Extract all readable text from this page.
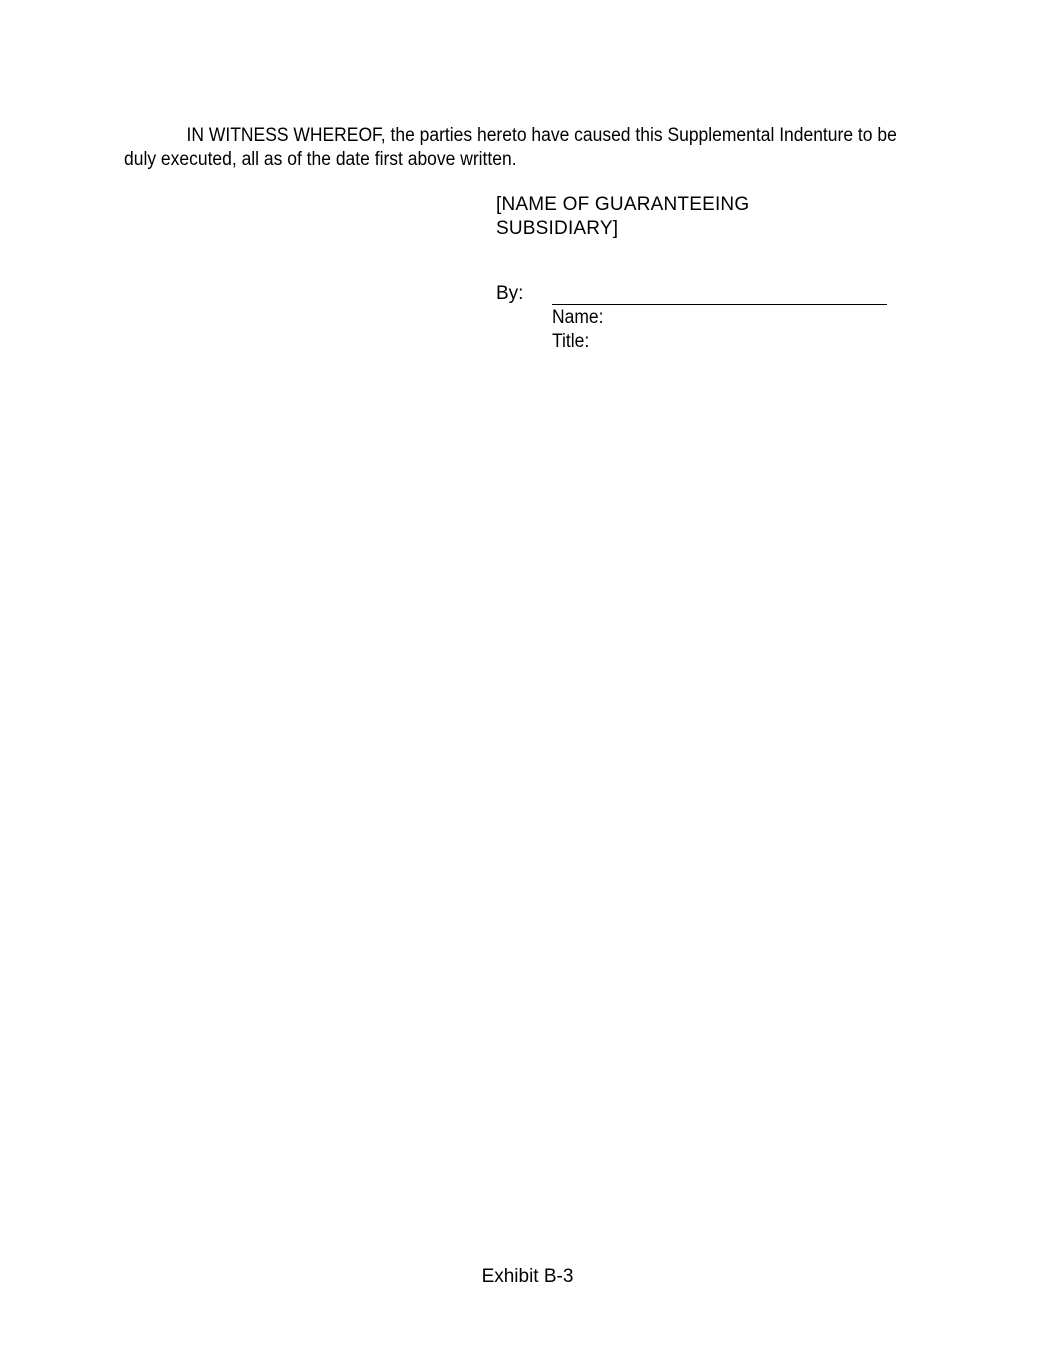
IN WITNESS WHEREOF, the parties hereto have caused this Supplemental Indenture to be duly executed, all as of the date first above written.

[NAME OF GUARANTEEING SUBSIDIARY]

By:
Name:
Title:
Exhibit B-3
